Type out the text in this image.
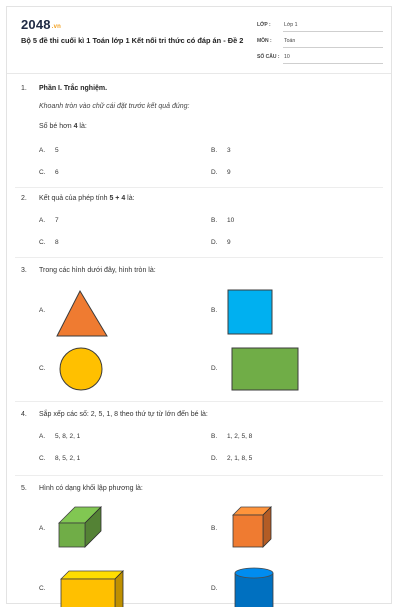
2048.vn
Bộ 5 đề thi cuối kì 1 Toán lớp 1 Kết nối tri thức có đáp án - Đề 2
LỚP :	Lớp 1
MÔN : Toán
SỐ CÂU : 10
1. Phần I. Trắc nghiệm.
Khoanh tròn vào chữ cái đặt trước kết quả đúng:
Số bé hơn 4 là:
A. 5	B. 3
C. 6	D. 9
2. Kết quả của phép tính 5 + 4 là:
A. 7	B. 10
C. 8	D. 9
3. Trong các hình dưới đây, hình tròn là:
A.	B.
C.	D.
4. Sắp xếp các số: 2, 5, 1, 8 theo thứ tự từ lớn đến bé là:
A. 5, 8, 2, 1	B. 1, 2, 5, 8
C. 8, 5, 2, 1	D. 2, 1, 8, 5
5. Hình có dạng khối lập phương là:
A.	B.
C.	D.
